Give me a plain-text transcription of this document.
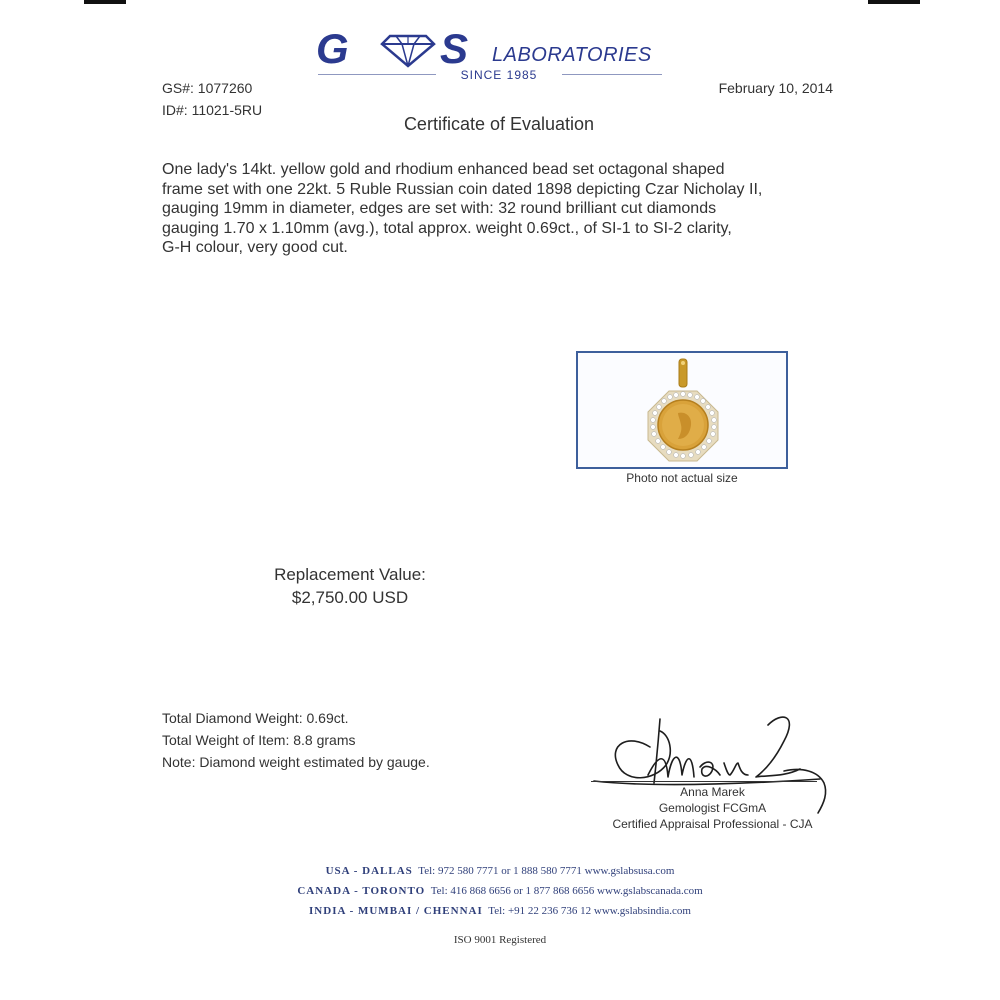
G S LABORATORIES
SINCE 1985
GS#: 1077260
ID#: 11021-5RU
February 10, 2014
Certificate of Evaluation
One lady's 14kt. yellow gold and rhodium enhanced bead set octagonal shaped
frame set with one 22kt. 5 Ruble Russian coin dated 1898 depicting Czar Nicholay II,
gauging 19mm in diameter, edges are set with: 32 round brilliant cut diamonds
gauging 1.70 x 1.10mm (avg.), total approx. weight 0.69ct., of SI-1 to SI-2 clarity,
G-H colour, very good cut.
Photo not actual size
Replacement Value:
$2,750.00 USD
Total Diamond Weight: 0.69ct.
Total Weight of Item: 8.8 grams
Note: Diamond weight estimated by gauge.
Anna Marek
Gemologist FCGmA
Certified Appraisal Professional - CJA
USA - DALLAS Tel: 972 580 7771 or 1 888 580 7771 www.gslabsusa.com
CANADA - TORONTO Tel: 416 868 6656 or 1 877 868 6656 www.gslabscanada.com
INDIA - MUMBAI / CHENNAI Tel: +91 22 236 736 12 www.gslabsindia.com
ISO 9001 Registered
